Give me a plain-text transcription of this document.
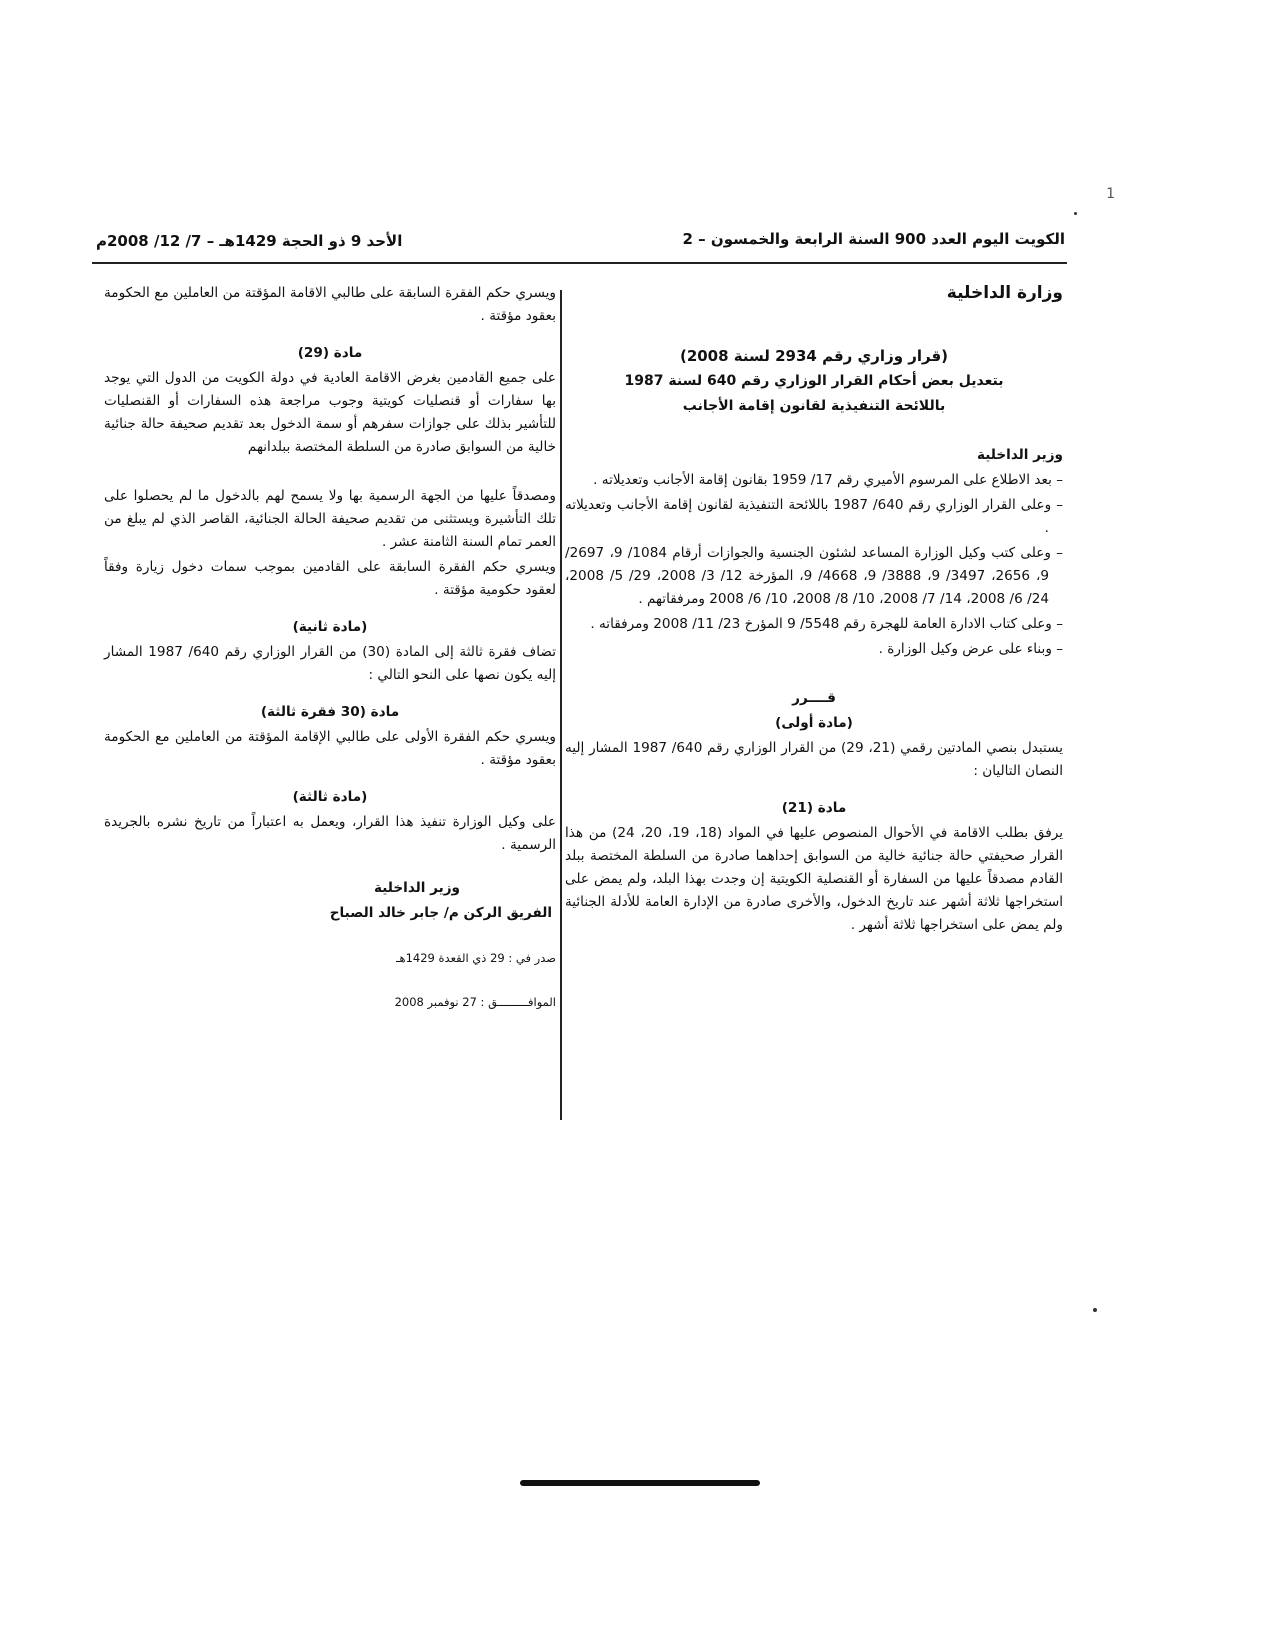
1
الكويت اليوم العدد 900 السنة الرابعة والخمسون – 2
الأحد 9 ذو الحجة 1429هـ – 7/ 12/ 2008م

وزارة الداخلية

(قرار وزاري رقم 2934 لسنة 2008)

بتعديل بعض أحكام القرار الوزاري رقم 640 لسنة 1987

باللائحة التنفيذية لقانون إقامة الأجانب

وزير الداخلية

– بعد الاطلاع على المرسوم الأميري رقم 17/ 1959 بقانون إقامة الأجانب وتعديلاته .

– وعلى القرار الوزاري رقم 640/ 1987 باللائحة التنفيذية لقانون إقامة الأجانب وتعديلاته .

– وعلى كتب وكيل الوزارة المساعد لشئون الجنسية والجوازات أرقام 1084/ 9، 2697/ 9، 2656، 3497/ 9، 3888/ 9، 4668/ 9، المؤرخة 12/ 3/ 2008، 29/ 5/ 2008، 24/ 6/ 2008، 14/ 7/ 2008، 10/ 8/ 2008، 10/ 6/ 2008 ومرفقاتهم .

– وعلى كتاب الادارة العامة للهجرة رقم 5548/ 9 المؤرخ 23/ 11/ 2008 ومرفقاته .

– وبناء على عرض وكيل الوزارة .

قــــرر

(مادة أولى)

يستبدل بنصي المادتين رقمي (21، 29) من القرار الوزاري رقم 640/ 1987 المشار إليه النصان التاليان :

مادة (21)

يرفق بطلب الاقامة في الأحوال المنصوص عليها في المواد (18، 19، 20، 24) من هذا القرار صحيفتي حالة جنائية خالية من السوابق إحداهما صادرة من السلطة المختصة ببلد القادم مصدقاً عليها من السفارة أو القنصلية الكويتية إن وجدت بهذا البلد، ولم يمض على استخراجها ثلاثة أشهر عند تاريخ الدخول، والأخرى صادرة من الإدارة العامة للأدلة الجنائية ولم يمض على استخراجها ثلاثة أشهر .

ويسري حكم الفقرة السابقة على طالبي الاقامة المؤقتة من العاملين مع الحكومة بعقود مؤقتة .

مادة (29)

على جميع القادمين بغرض الاقامة العادية في دولة الكويت من الدول التي يوجد بها سفارات أو قنصليات كويتية وجوب مراجعة هذه السفارات أو القنصليات للتأشير بذلك على جوازات سفرهم أو سمة الدخول بعد تقديم صحيفة حالة جنائية خالية من السوابق صادرة من السلطة المختصة ببلدانهم

ومصدقاً عليها من الجهة الرسمية بها ولا يسمح لهم بالدخول ما لم يحصلوا على تلك التأشيرة ويستثنى من تقديم صحيفة الحالة الجنائية، القاصر الذي لم يبلغ من العمر تمام السنة الثامنة عشر .

ويسري حكم الفقرة السابقة على القادمين بموجب سمات دخول زيارة وفقاً لعقود حكومية مؤقتة .

(مادة ثانية)

تضاف فقرة ثالثة إلى المادة (30) من القرار الوزاري رقم 640/ 1987 المشار إليه يكون نصها على النحو التالي :

مادة (30 فقرة ثالثة)

ويسري حكم الفقرة الأولى على طالبي الإقامة المؤقتة من العاملين مع الحكومة بعقود مؤقتة .

(مادة ثالثة)

على وكيل الوزارة تنفيذ هذا القرار، ويعمل به اعتباراً من تاريخ نشره بالجريدة الرسمية .

وزير الداخلية

الفريق الركن م/ جابر خالد الصباح

صدر في : 29 ذي القعدة 1429هـ

الموافـــــــــق : 27 نوفمبر 2008
